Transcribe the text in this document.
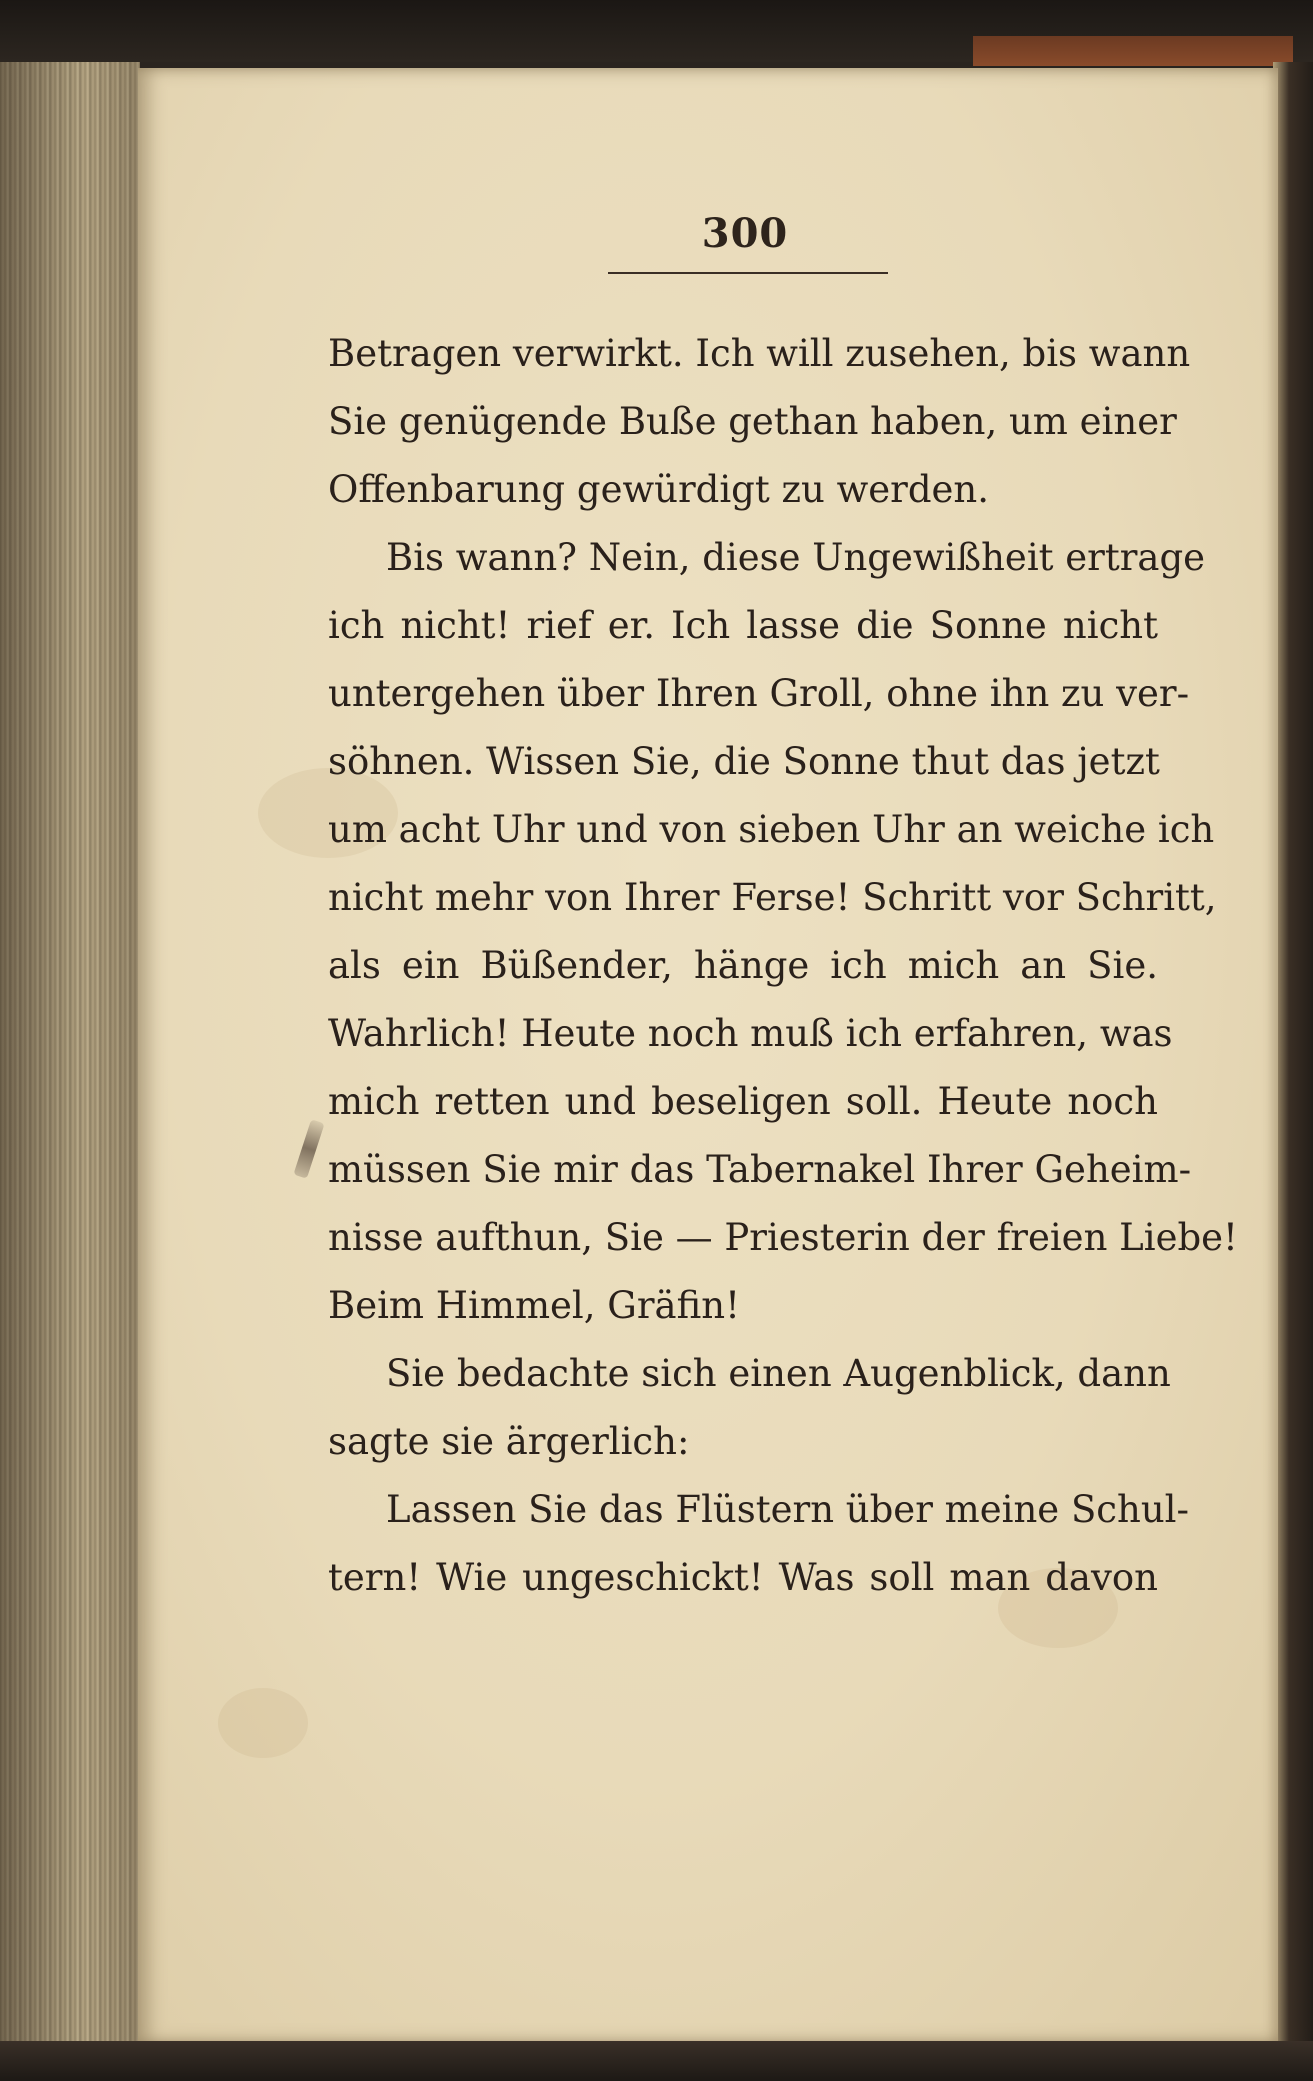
300
Betragen verwirkt. Ich will zusehen, bis wann
Sie genügende Buße gethan haben, um einer
Offenbarung gewürdigt zu werden.
Bis wann? Nein, diese Ungewißheit ertrage
ich nicht! rief er. Ich lasse die Sonne nicht
untergehen über Ihren Groll, ohne ihn zu ver-
söhnen. Wissen Sie, die Sonne thut das jetzt
um acht Uhr und von sieben Uhr an weiche ich
nicht mehr von Ihrer Ferse! Schritt vor Schritt,
als ein Büßender, hänge ich mich an Sie.
Wahrlich! Heute noch muß ich erfahren, was
mich retten und beseligen soll. Heute noch
müssen Sie mir das Tabernakel Ihrer Geheim-
nisse aufthun, Sie — Priesterin der freien Liebe!
Beim Himmel, Gräfin!
Sie bedachte sich einen Augenblick, dann
sagte sie ärgerlich:
Lassen Sie das Flüstern über meine Schul-
tern! Wie ungeschickt! Was soll man davon
